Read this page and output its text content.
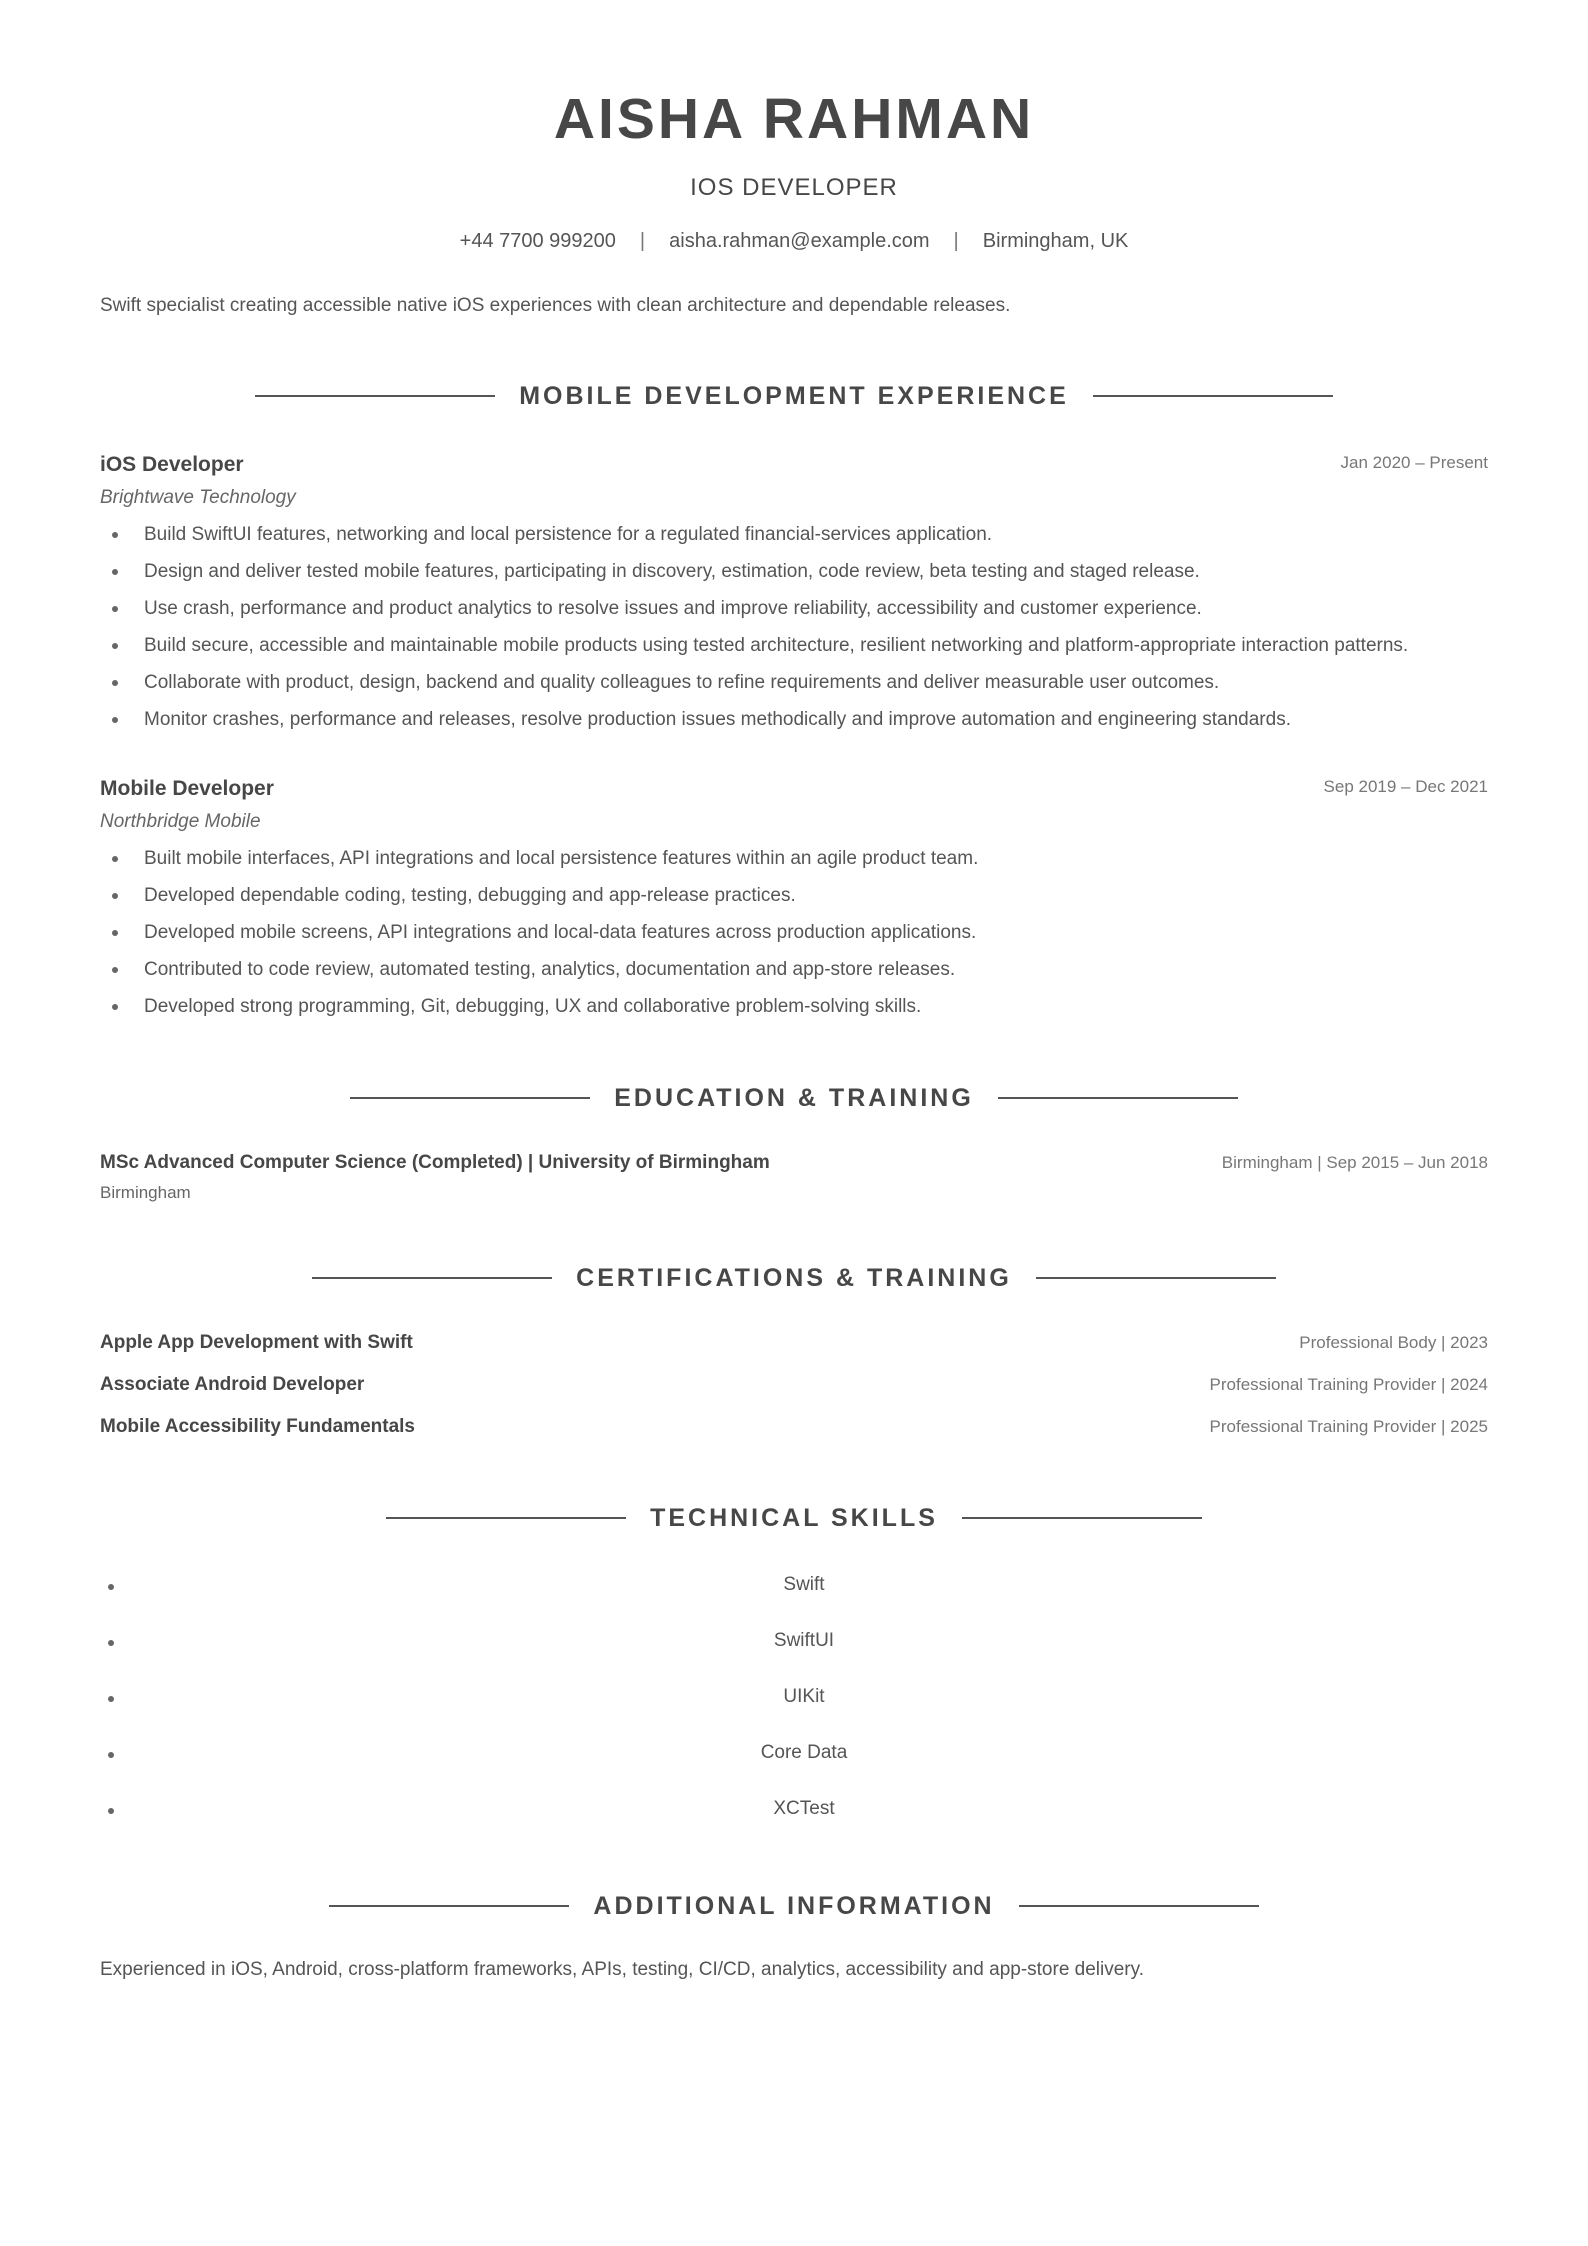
AISHA RAHMAN
IOS DEVELOPER
+44 7700 999200 | aisha.rahman@example.com | Birmingham, UK
Swift specialist creating accessible native iOS experiences with clean architecture and dependable releases.
MOBILE DEVELOPMENT EXPERIENCE
iOS Developer	Jan 2020 – Present
Brightwave Technology
Build SwiftUI features, networking and local persistence for a regulated financial-services application.
Design and deliver tested mobile features, participating in discovery, estimation, code review, beta testing and staged release.
Use crash, performance and product analytics to resolve issues and improve reliability, accessibility and customer experience.
Build secure, accessible and maintainable mobile products using tested architecture, resilient networking and platform-appropriate interaction patterns.
Collaborate with product, design, backend and quality colleagues to refine requirements and deliver measurable user outcomes.
Monitor crashes, performance and releases, resolve production issues methodically and improve automation and engineering standards.
Mobile Developer	Sep 2019 – Dec 2021
Northbridge Mobile
Built mobile interfaces, API integrations and local persistence features within an agile product team.
Developed dependable coding, testing, debugging and app-release practices.
Developed mobile screens, API integrations and local-data features across production applications.
Contributed to code review, automated testing, analytics, documentation and app-store releases.
Developed strong programming, Git, debugging, UX and collaborative problem-solving skills.
EDUCATION & TRAINING
MSc Advanced Computer Science (Completed) | University of Birmingham	Birmingham | Sep 2015 – Jun 2018
Birmingham
CERTIFICATIONS & TRAINING
Apple App Development with Swift	Professional Body | 2023
Associate Android Developer	Professional Training Provider | 2024
Mobile Accessibility Fundamentals	Professional Training Provider | 2025
TECHNICAL SKILLS
Swift
SwiftUI
UIKit
Core Data
XCTest
ADDITIONAL INFORMATION
Experienced in iOS, Android, cross-platform frameworks, APIs, testing, CI/CD, analytics, accessibility and app-store delivery.
